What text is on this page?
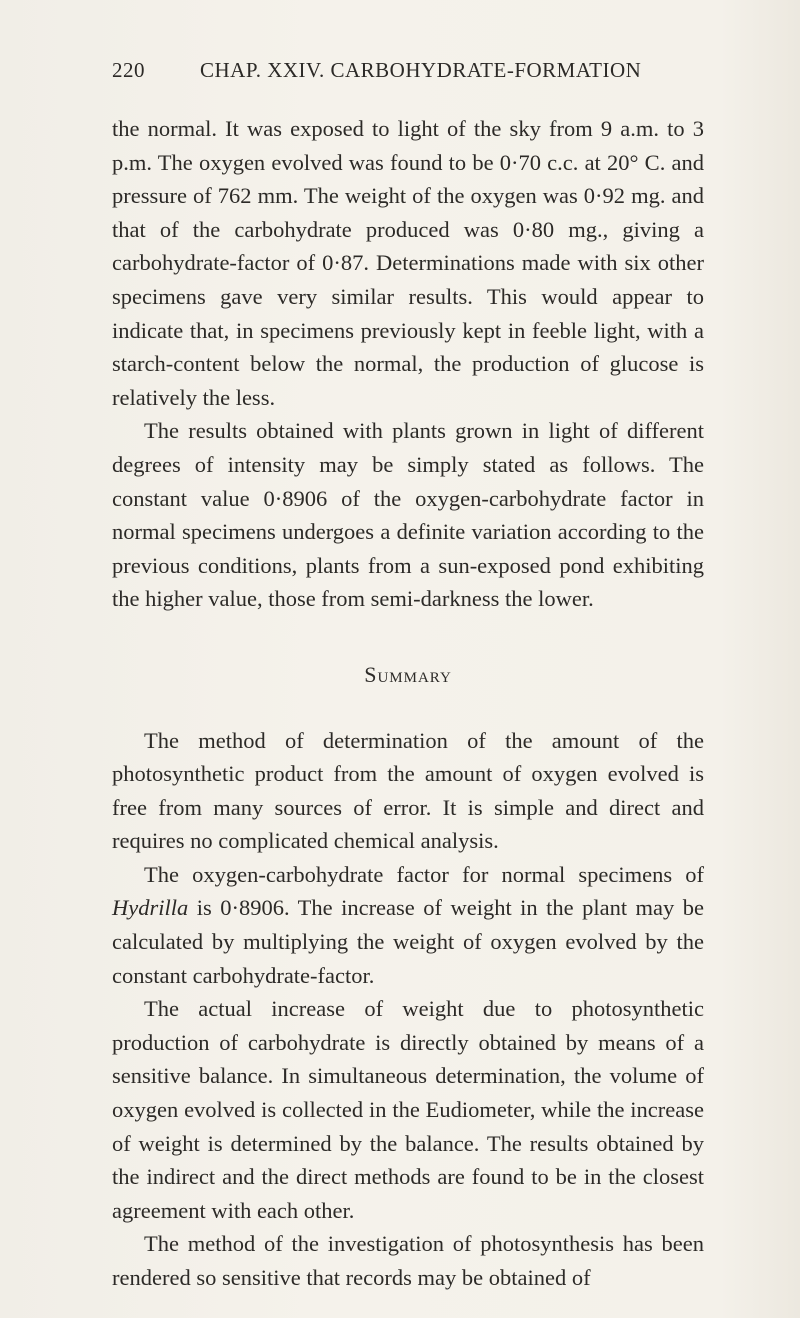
220	CHAP. XXIV. CARBOHYDRATE-FORMATION

the normal. It was exposed to light of the sky from 9 a.m. to 3 p.m. The oxygen evolved was found to be 0·70 c.c. at 20° C. and pressure of 762 mm. The weight of the oxygen was 0·92 mg. and that of the carbohydrate produced was 0·80 mg., giving a carbohydrate-factor of 0·87. Determinations made with six other specimens gave very similar results. This would appear to indicate that, in specimens previously kept in feeble light, with a starch-content below the normal, the production of glucose is relatively the less.

The results obtained with plants grown in light of different degrees of intensity may be simply stated as follows. The constant value 0·8906 of the oxygen-carbohydrate factor in normal specimens undergoes a definite variation according to the previous conditions, plants from a sun-exposed pond exhibiting the higher value, those from semi-darkness the lower.

Summary

The method of determination of the amount of the photosynthetic product from the amount of oxygen evolved is free from many sources of error. It is simple and direct and requires no complicated chemical analysis.

The oxygen-carbohydrate factor for normal specimens of Hydrilla is 0·8906. The increase of weight in the plant may be calculated by multiplying the weight of oxygen evolved by the constant carbohydrate-factor.

The actual increase of weight due to photosynthetic production of carbohydrate is directly obtained by means of a sensitive balance. In simultaneous determination, the volume of oxygen evolved is collected in the Eudiometer, while the increase of weight is determined by the balance. The results obtained by the indirect and the direct methods are found to be in the closest agreement with each other.

The method of the investigation of photosynthesis has been rendered so sensitive that records may be obtained of
